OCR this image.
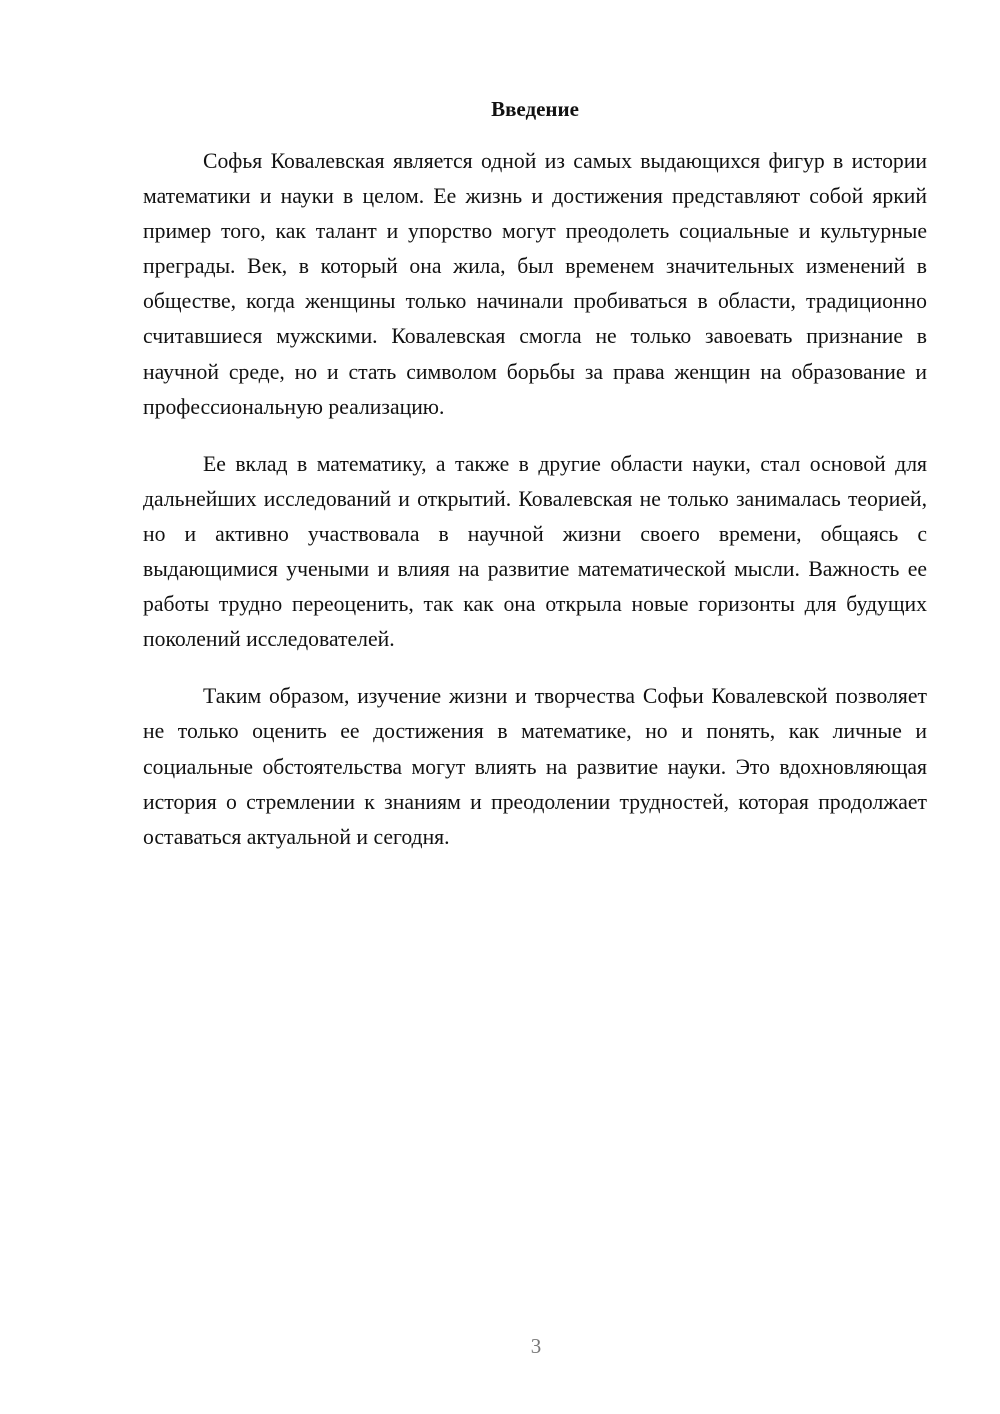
Введение

Софья Ковалевская является одной из самых выдающихся фигур в истории математики и науки в целом. Ее жизнь и достижения представляют собой яркий пример того, как талант и упорство могут преодолеть социальные и культурные преграды. Век, в который она жила, был временем значительных изменений в обществе, когда женщины только начинали пробиваться в области, традиционно считавшиеся мужскими. Ковалевская смогла не только завоевать признание в научной среде, но и стать символом борьбы за права женщин на образование и профессиональную реализацию.

Ее вклад в математику, а также в другие области науки, стал основой для дальнейших исследований и открытий. Ковалевская не только занималась теорией, но и активно участвовала в научной жизни своего времени, общаясь с выдающимися учеными и влияя на развитие математической мысли. Важность ее работы трудно переоценить, так как она открыла новые горизонты для будущих поколений исследователей.

Таким образом, изучение жизни и творчества Софьи Ковалевской позволяет не только оценить ее достижения в математике, но и понять, как личные и социальные обстоятельства могут влиять на развитие науки. Это вдохновляющая история о стремлении к знаниям и преодолении трудностей, которая продолжает оставаться актуальной и сегодня.

3
